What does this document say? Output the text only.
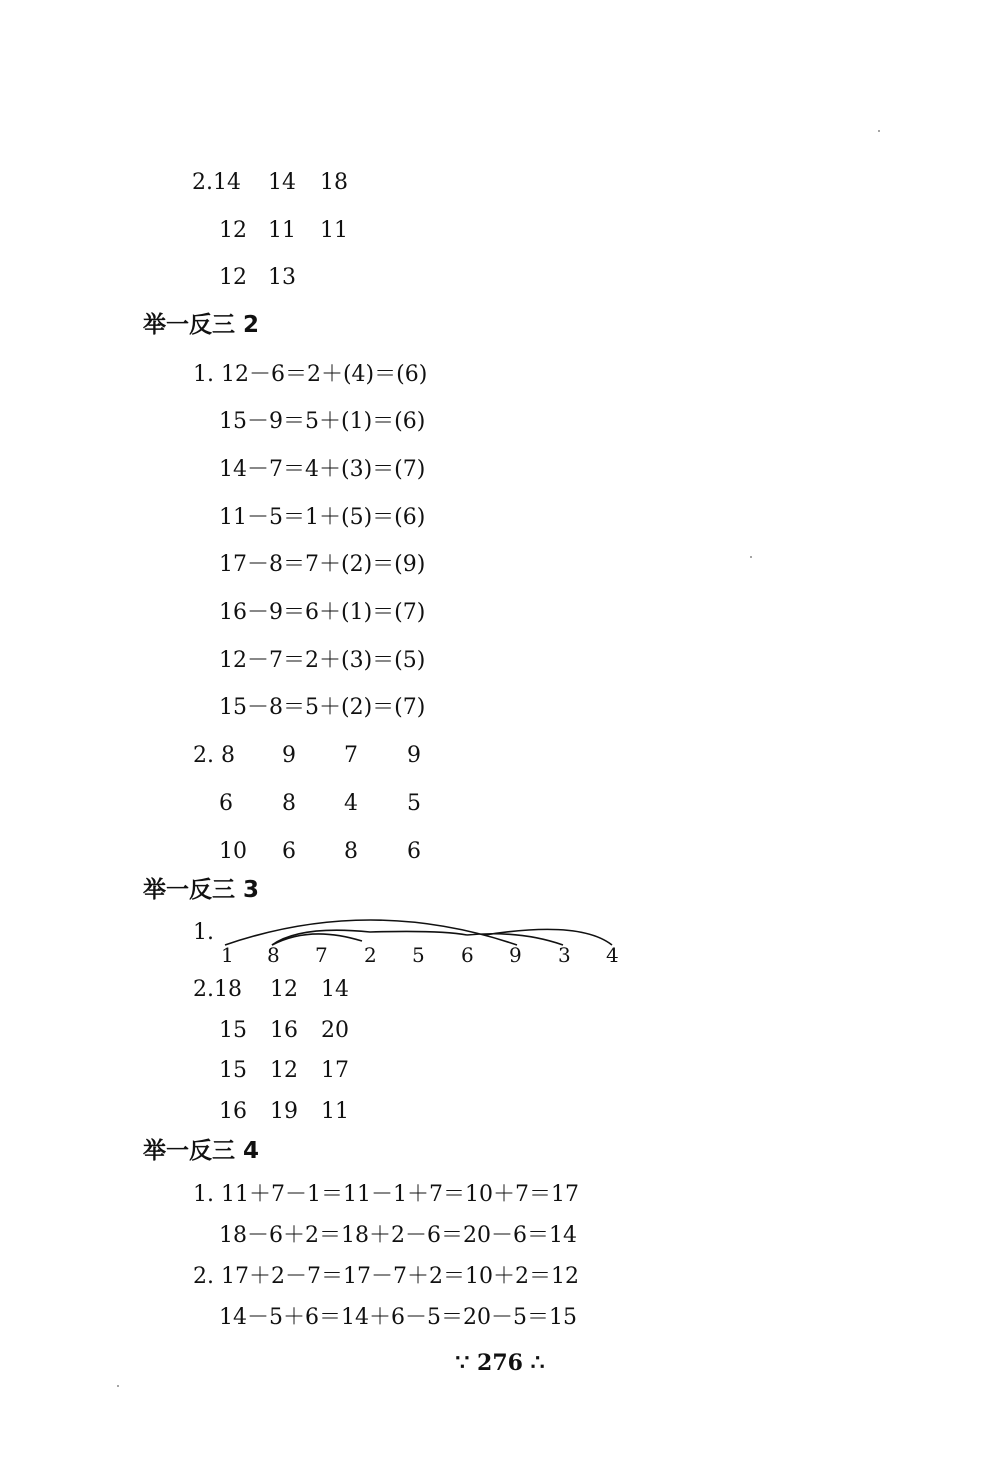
2.14 14 18
12 11 11
12 13
举一反三 2
1. 12－6＝2＋(4)＝(6)
15－9＝5＋(1)＝(6)
14－7＝4＋(3)＝(7)
11－5＝1＋(5)＝(6)
17－8＝7＋(2)＝(9)
16－9＝6＋(1)＝(7)
12－7＝2＋(3)＝(5)
15－8＝5＋(2)＝(7)
2. 8 9 7 9
6 8 4 5
10 6 8 6
举一反三 3
1.
1 8 7 2 5 6 9 3 4
2.18 12 14
15 16 20
15 12 17
16 19 11
举一反三 4
1. 11＋7－1＝11－1＋7＝10＋7＝17
18－6＋2＝18＋2－6＝20－6＝14
2. 17＋2－7＝17－7＋2＝10＋2＝12
14－5＋6＝14＋6－5＝20－5＝15
∵ 276 ∴
